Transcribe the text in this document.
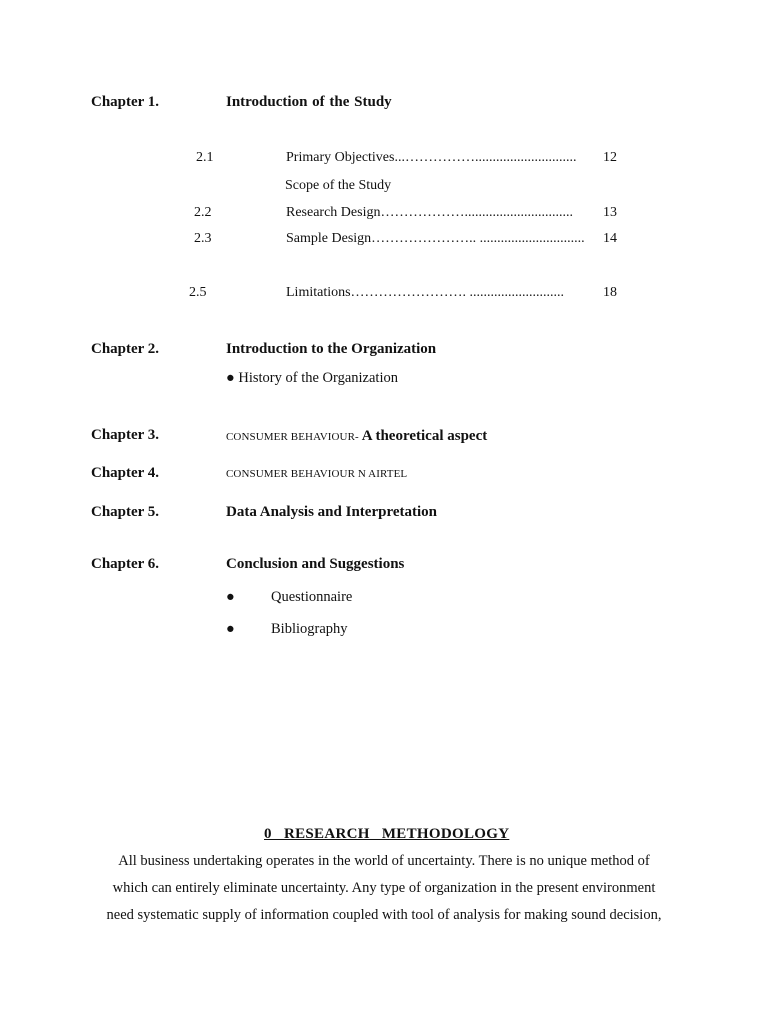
Chapter 1.	Introduction of the Study
2.1	Primary Objectives...…………….............................	12
Scope of the Study
2.2	Research Design………………...............................	13
2.3	Sample Design………………….. ..............................	14
2.5	Limitations……………………. ...........................	18
Chapter 2.	Introduction to the Organization
● History of the Organization
Chapter 3.	CONSUMER BEHAVIOUR- A theoretical aspect
Chapter 4.	CONSUMER BEHAVIOUR N AIRTEL
Chapter 5.	Data Analysis and Interpretation
Chapter 6.	Conclusion and Suggestions
● Questionnaire
● Bibliography
0   RESEARCH   METHODOLOGY
All business undertaking operates in the world of uncertainty. There is no unique method of
which can entirely eliminate uncertainty. Any type of organization in the present environment
need systematic supply of information coupled with tool of analysis for making sound decision,
